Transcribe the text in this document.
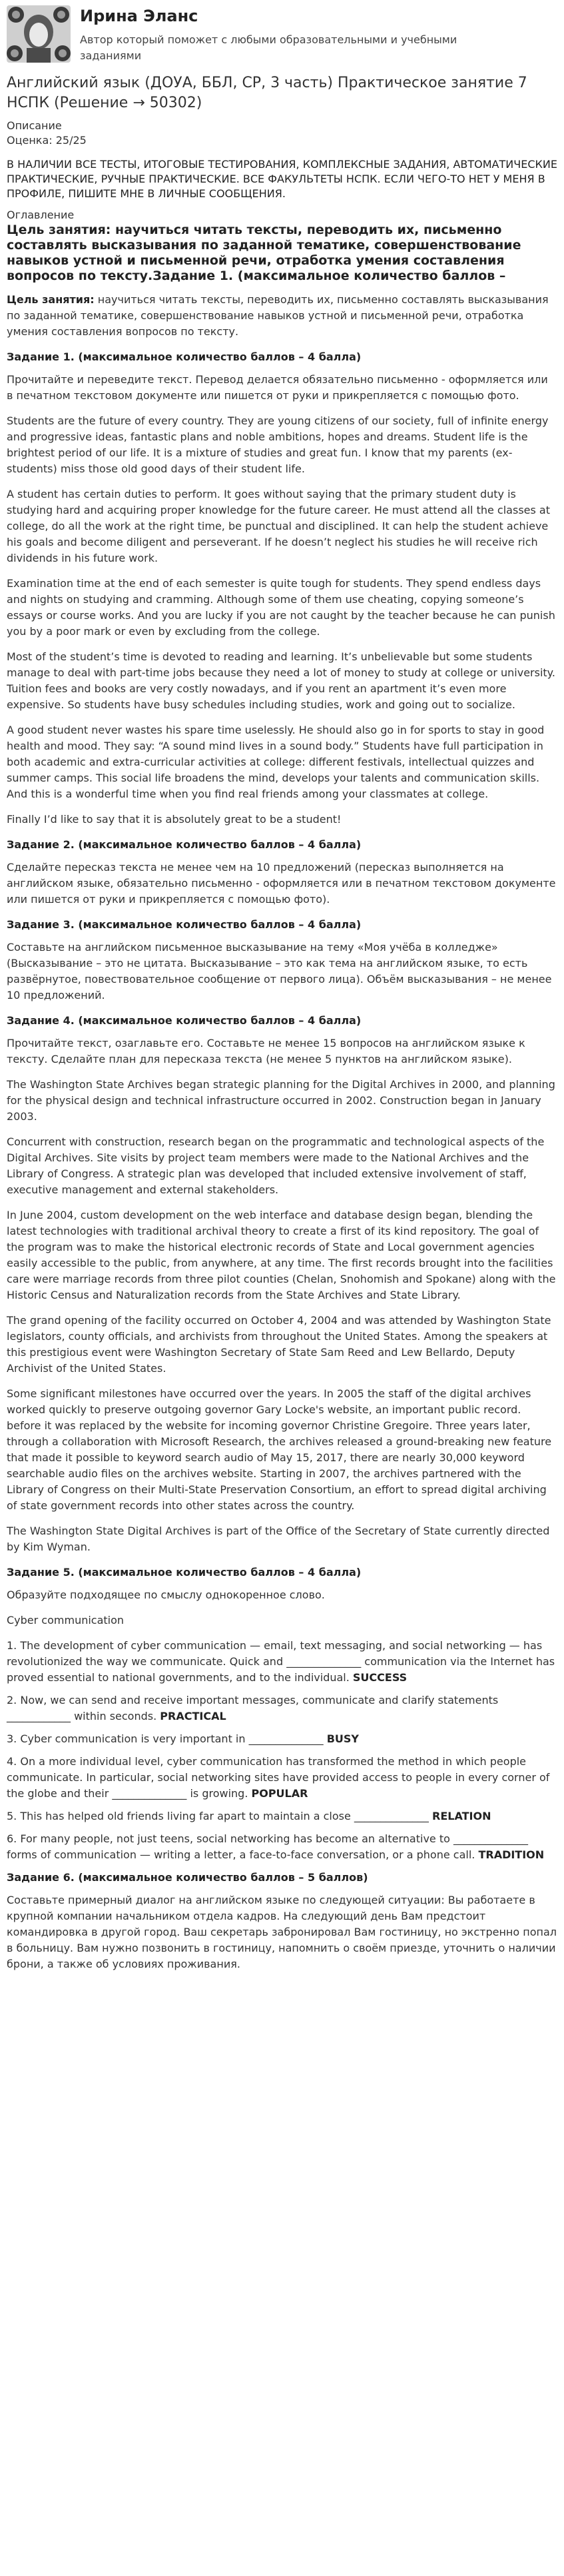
Ирина Эланс
Автор который поможет с любыми образовательными и учебными заданиями
Английский язык (ДОУА, ББЛ, СР, 3 часть) Практическое занятие 7 НСПК (Решение → 50302)
Описание
Оценка: 25/25
В НАЛИЧИИ ВСЕ ТЕСТЫ, ИТОГОВЫЕ ТЕСТИРОВАНИЯ, КОМПЛЕКСНЫЕ ЗАДАНИЯ, АВТОМАТИЧЕСКИЕ ПРАКТИЧЕСКИЕ, РУЧНЫЕ ПРАКТИЧЕСКИЕ. ВСЕ ФАКУЛЬТЕТЫ НСПК. ЕСЛИ ЧЕГО-ТО НЕТ У МЕНЯ В ПРОФИЛЕ, ПИШИТЕ МНЕ В ЛИЧНЫЕ СООБЩЕНИЯ.
Оглавление
Цель занятия: научиться читать тексты, переводить их, письменно составлять высказывания по заданной тематике, совершенствование навыков устной и письменной речи, отработка умения составления вопросов по тексту.Задание 1. (максимальное количество баллов –

Цель занятия: научиться читать тексты, переводить их, письменно составлять высказывания по заданной тематике, совершенствование навыков устной и письменной речи, отработка умения составления вопросов по тексту.

Задание 1. (максимальное количество баллов – 4 балла)

Прочитайте и переведите текст. Перевод делается обязательно письменно - оформляется или в печатном текстовом документе или пишется от руки и прикрепляется с помощью фото.

Students are the future of every country. They are young citizens of our society, full of infinite energy and progressive ideas, fantastic plans and noble ambitions, hopes and dreams. Student life is the brightest period of our life. It is a mixture of studies and great fun. I know that my parents (ex-students) miss those old good days of their student life.

A student has certain duties to perform. It goes without saying that the primary student duty is studying hard and acquiring proper knowledge for the future career. He must attend all the classes at college, do all the work at the right time, be punctual and disciplined. It can help the student achieve his goals and become diligent and perseverant. If he doesn’t neglect his studies he will receive rich dividends in his future work.

Examination time at the end of each semester is quite tough for students. They spend endless days and nights on studying and cramming. Although some of them use cheating, copying someone’s essays or course works. And you are lucky if you are not caught by the teacher because he can punish you by a poor mark or even by excluding from the college.

Most of the student’s time is devoted to reading and learning. It’s unbelievable but some students manage to deal with part-time jobs because they need a lot of money to study at college or university. Tuition fees and books are very costly nowadays, and if you rent an apartment it’s even more expensive. So students have busy schedules including studies, work and going out to socialize.

A good student never wastes his spare time uselessly. He should also go in for sports to stay in good health and mood. They say: “A sound mind lives in a sound body.” Students have full participation in both academic and extra-curricular activities at college: different festivals, intellectual quizzes and summer camps. This social life broadens the mind, develops your talents and communication skills. And this is a wonderful time when you find real friends among your classmates at college.

Finally I’d like to say that it is absolutely great to be a student!

Задание 2. (максимальное количество баллов – 4 балла)

Сделайте пересказ текста не менее чем на 10 предложений (пересказ выполняется на английском языке, обязательно письменно - оформляется или в печатном текстовом документе или пишется от руки и прикрепляется с помощью фото).

Задание 3. (максимальное количество баллов – 4 балла)

Составьте на английском письменное высказывание на тему «Моя учёба в колледже» (Высказывание – это не цитата. Высказывание – это как тема на английском языке, то есть развёрнутое, повествовательное сообщение от первого лица). Объём высказывания – не менее 10 предложений.

Задание 4. (максимальное количество баллов – 4 балла)

Прочитайте текст, озаглавьте его. Составьте не менее 15 вопросов на английском языке к тексту. Сделайте план для пересказа текста (не менее 5 пунктов на английском языке).

The Washington State Archives began strategic planning for the Digital Archives in 2000, and planning for the physical design and technical infrastructure occurred in 2002. Construction began in January 2003.

Concurrent with construction, research began on the programmatic and technological aspects of the Digital Archives. Site visits by project team members were made to the National Archives and the Library of Congress. A strategic plan was developed that included extensive involvement of staff, executive management and external stakeholders.

In June 2004, custom development on the web interface and database design began, blending the latest technologies with traditional archival theory to create a first of its kind repository. The goal of the program was to make the historical electronic records of State and Local government agencies easily accessible to the public, from anywhere, at any time. The first records brought into the facilities care were marriage records from three pilot counties (Chelan, Snohomish and Spokane) along with the Historic Census and Naturalization records from the State Archives and State Library.

The grand opening of the facility occurred on October 4, 2004 and was attended by Washington State legislators, county officials, and archivists from throughout the United States. Among the speakers at this prestigious event were Washington Secretary of State Sam Reed and Lew Bellardo, Deputy Archivist of the United States.

Some significant milestones have occurred over the years. In 2005 the staff of the digital archives worked quickly to preserve outgoing governor Gary Locke's website, an important public record. before it was replaced by the website for incoming governor Christine Gregoire. Three years later, through a collaboration with Microsoft Research, the archives released a ground-breaking new feature that made it possible to keyword search audio of May 15, 2017, there are nearly 30,000 keyword searchable audio files on the archives website. Starting in 2007, the archives partnered with the Library of Congress on their Multi-State Preservation Consortium, an effort to spread digital archiving of state government records into other states across the country.

The Washington State Digital Archives is part of the Office of the Secretary of State currently directed by Kim Wyman.

Задание 5. (максимальное количество баллов – 4 балла)

Образуйте подходящее по смыслу однокоренное слово.

Cyber communication

1. The development of cyber communication — email, text messaging, and social networking — has revolutionized the way we communicate. Quick and ______________ communication via the Internet has proved essential to national governments, and to the individual. SUCCESS

2. Now, we can send and receive important messages, communicate and clarify statements ____________ within seconds. PRACTICAL

3. Cyber communication is very important in ______________ BUSY

4. On a more individual level, cyber communication has transformed the method in which people communicate. In particular, social networking sites have provided access to people in every corner of the globe and their ______________ is growing. POPULAR

5. This has helped old friends living far apart to maintain a close ______________ RELATION

6. For many people, not just teens, social networking has become an alternative to ______________ forms of communication — writing a letter, a face-to-face conversation, or a phone call. TRADITION

Задание 6. (максимальное количество баллов – 5 баллов)

Составьте примерный диалог на английском языке по следующей ситуации: Вы работаете в крупной компании начальником отдела кадров. На следующий день Вам предстоит командировка в другой город. Ваш секретарь забронировал Вам гостиницу, но экстренно попал в больницу. Вам нужно позвонить в гостиницу, напомнить о своём приезде, уточнить о наличии брони, а также об условиях проживания.
